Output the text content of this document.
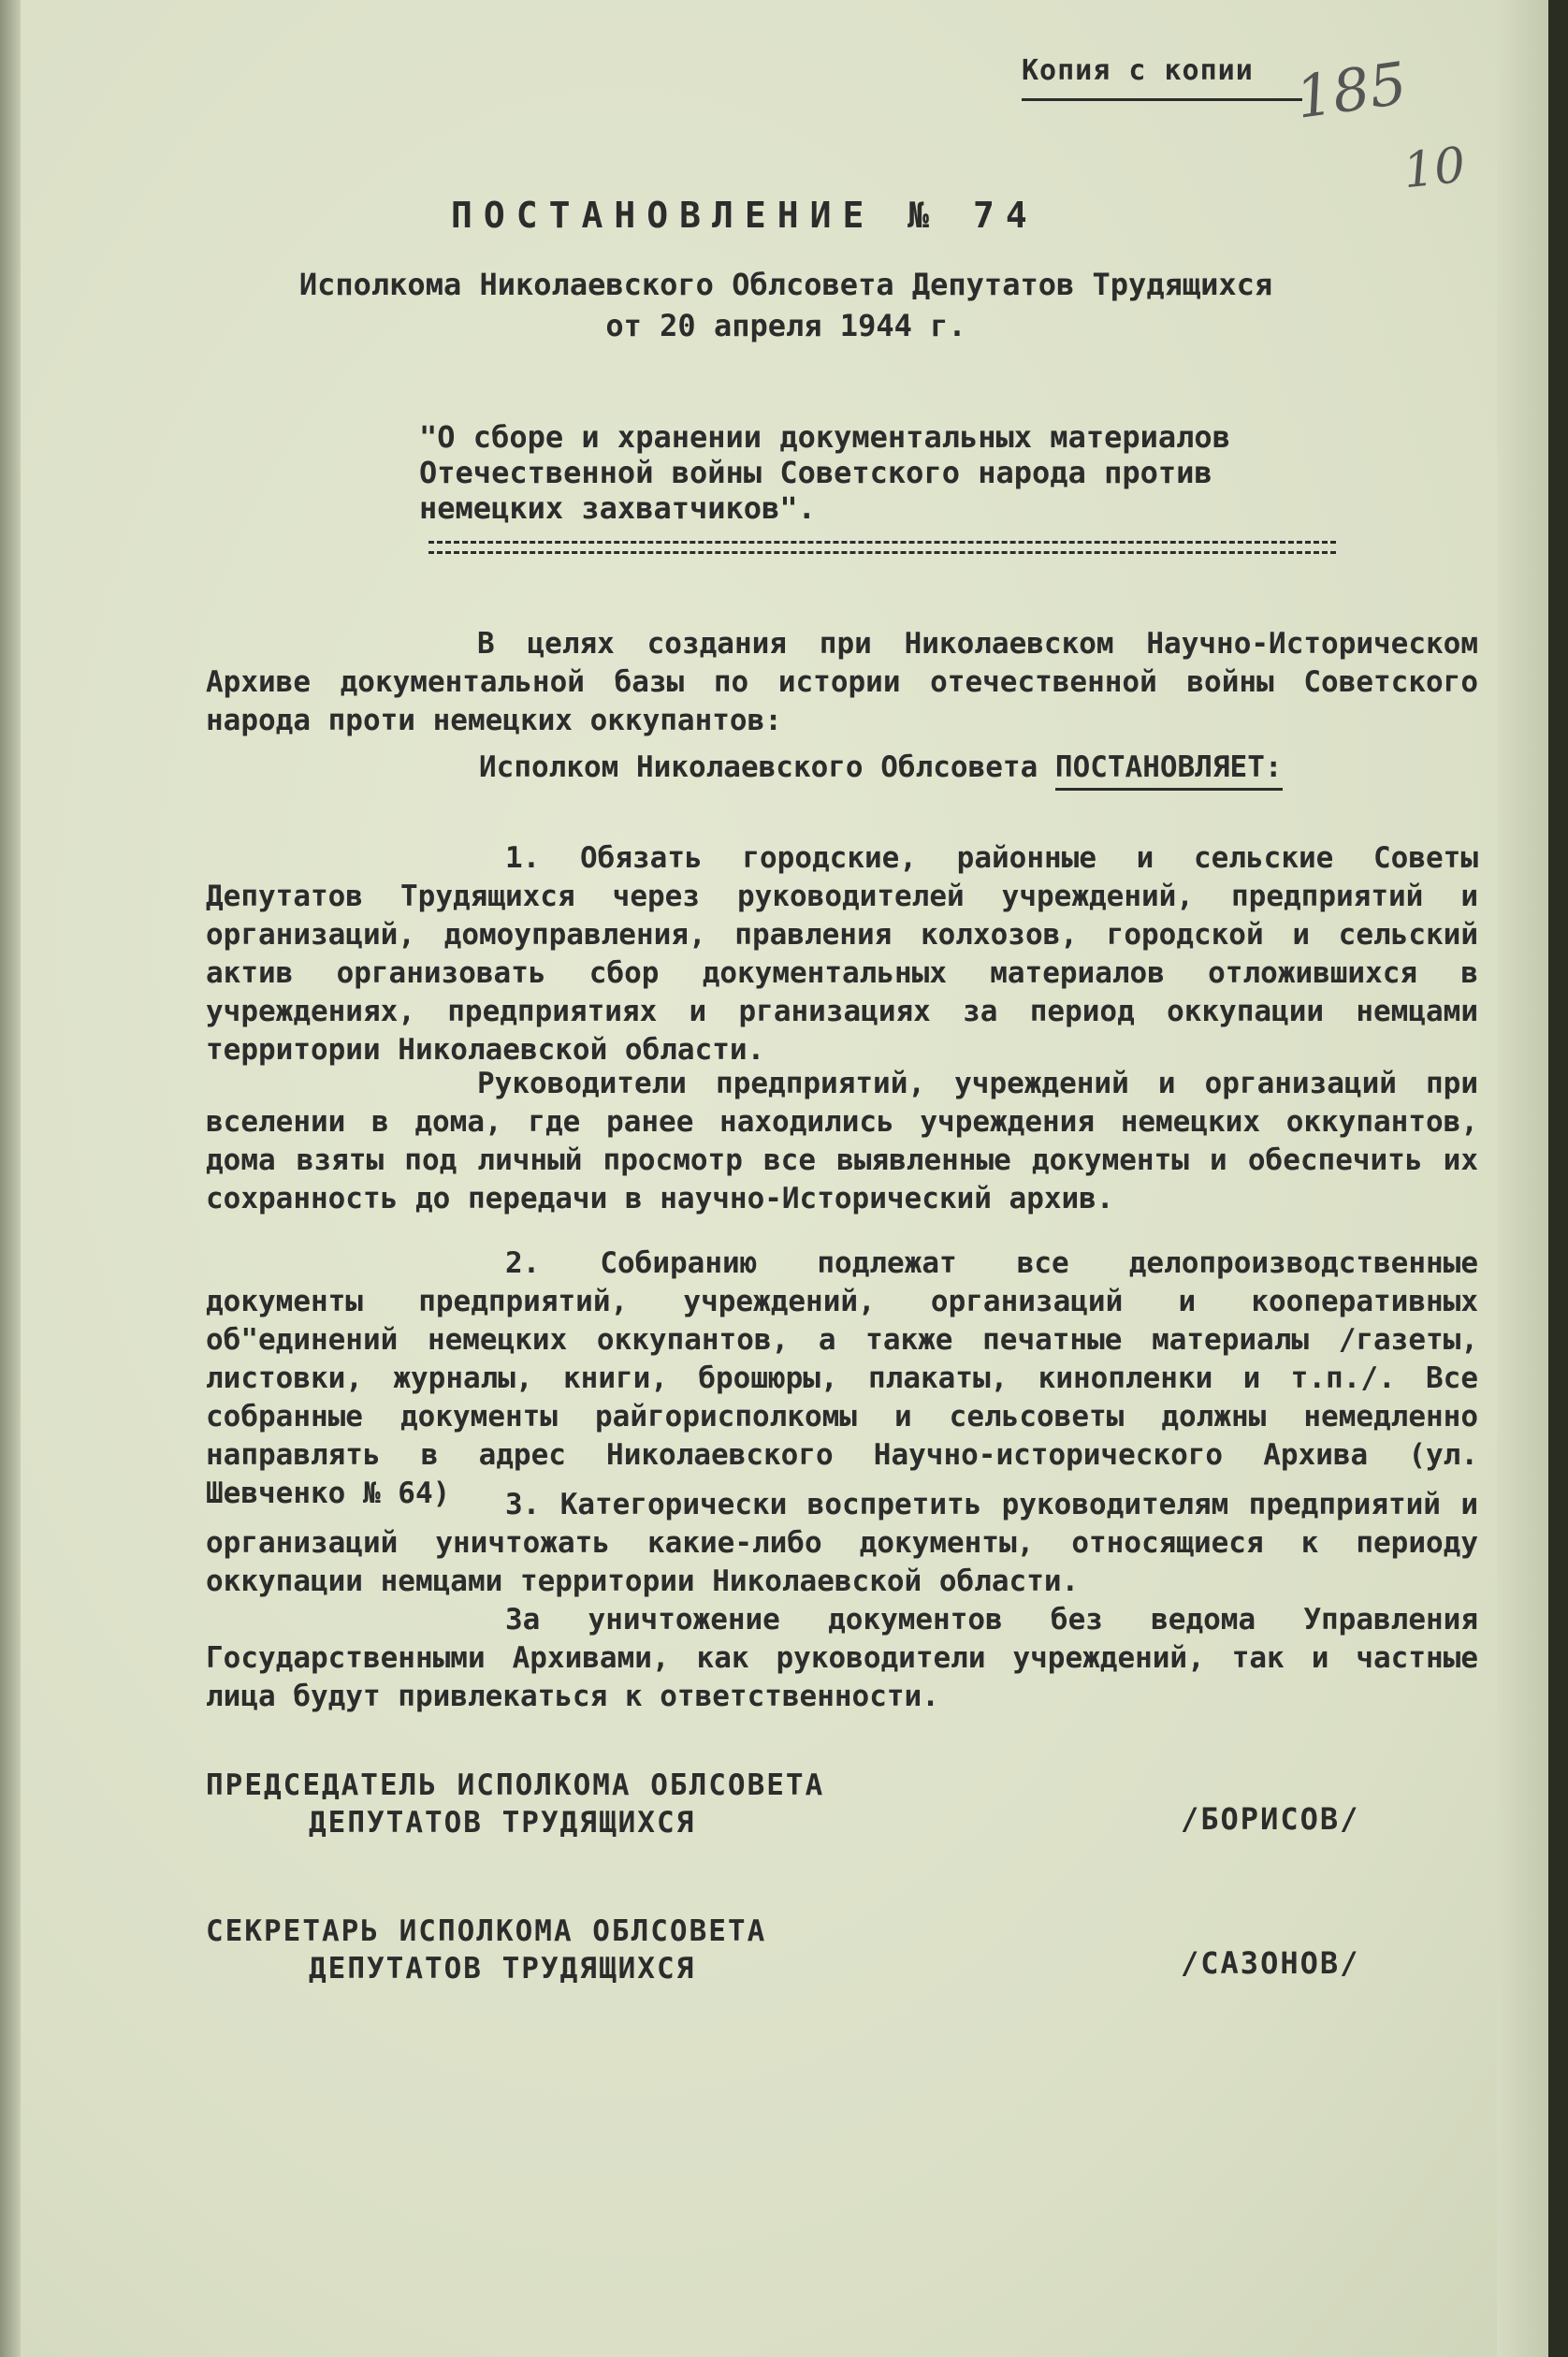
Копия с копии 185
10
ПОСТАНОВЛЕНИЕ № 74
Исполкома Николаевского Облсовета Депутатов Трудящихся
от 20 апреля 1944 г.
"О сборе и хранении документальных материалов Отечественной войны Советского народа против немецких захватчиков".
В целях создания при Николаевском Научно-Историческом Архиве документальной базы по истории отечественной войны Советского народа проти немецких оккупантов:
Исполком Николаевского Облсовета ПОСТАНОВЛЯЕТ:
1. Обязать городские, районные и сельские Советы Депутатов Трудящихся через руководителей учреждений, предприятий и организаций, домоуправления, правления колхозов, городской и сельский актив организовать сбор документальных материалов отложившихся в учреждениях, предприятиях и рганизациях за период оккупации немцами территории Николаевской области.
Руководители предприятий, учреждений и организаций при вселении в дома, где ранее находились учреждения немецких оккупантов, дома взяты под личный просмотр все выявленные документы и обеспечить их сохранность до передачи в научно-Исторический архив.
2. Собиранию подлежат все делопроизводственные документы предприятий, учреждений, организаций и кооперативных об"единений немецких оккупантов, а также печатные материалы /газеты, листовки, журналы, книги, брошюры, плакаты, кинопленки и т.п./. Все собранные документы райгорисполкомы и сельсоветы должны немедленно направлять в адрес Николаевского Научно-исторического Архива (ул. Шевченко № 64)	3. Категорически воспретить руководителям предприятий и организаций уничтожать какие-либо документы, относящиеся к периоду оккупации немцами территории Николаевской области.
За уничтожение документов без ведома Управления Государственными Архивами, как руководители учреждений, так и частные лица будут привлекаться к ответственности.
ПРЕДСЕДАТЕЛЬ ИСПОЛКОМА ОБЛСОВЕТА
ДЕПУТАТОВ ТРУДЯЩИХСЯ	/БОРИСОВ/
СЕКРЕТАРЬ ИСПОЛКОМА ОБЛСОВЕТА
ДЕПУТАТОВ ТРУДЯЩИХСЯ	/САЗОНОВ/
